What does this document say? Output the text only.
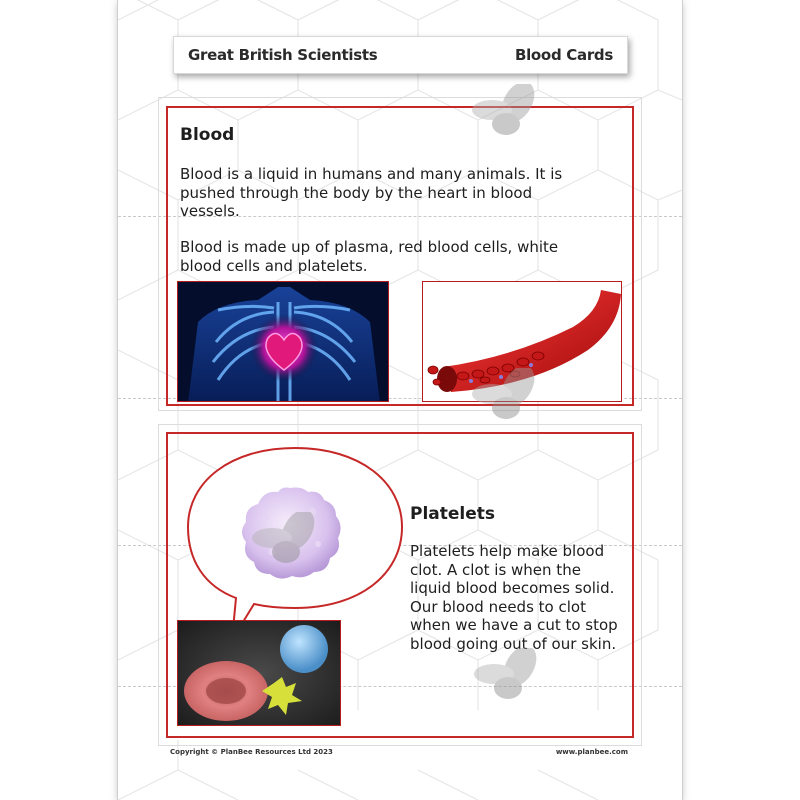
Great British Scientists	Blood Cards
Blood
Blood is a liquid in humans and many animals. It is pushed through the body by the heart in blood vessels.
Blood is made up of plasma, red blood cells, white blood cells and platelets.
Platelets
Platelets help make blood clot. A clot is when the liquid blood becomes solid. Our blood needs to clot when we have a cut to stop blood going out of our skin.
Copyright © PlanBee Resources Ltd 2023	www.planbee.com
